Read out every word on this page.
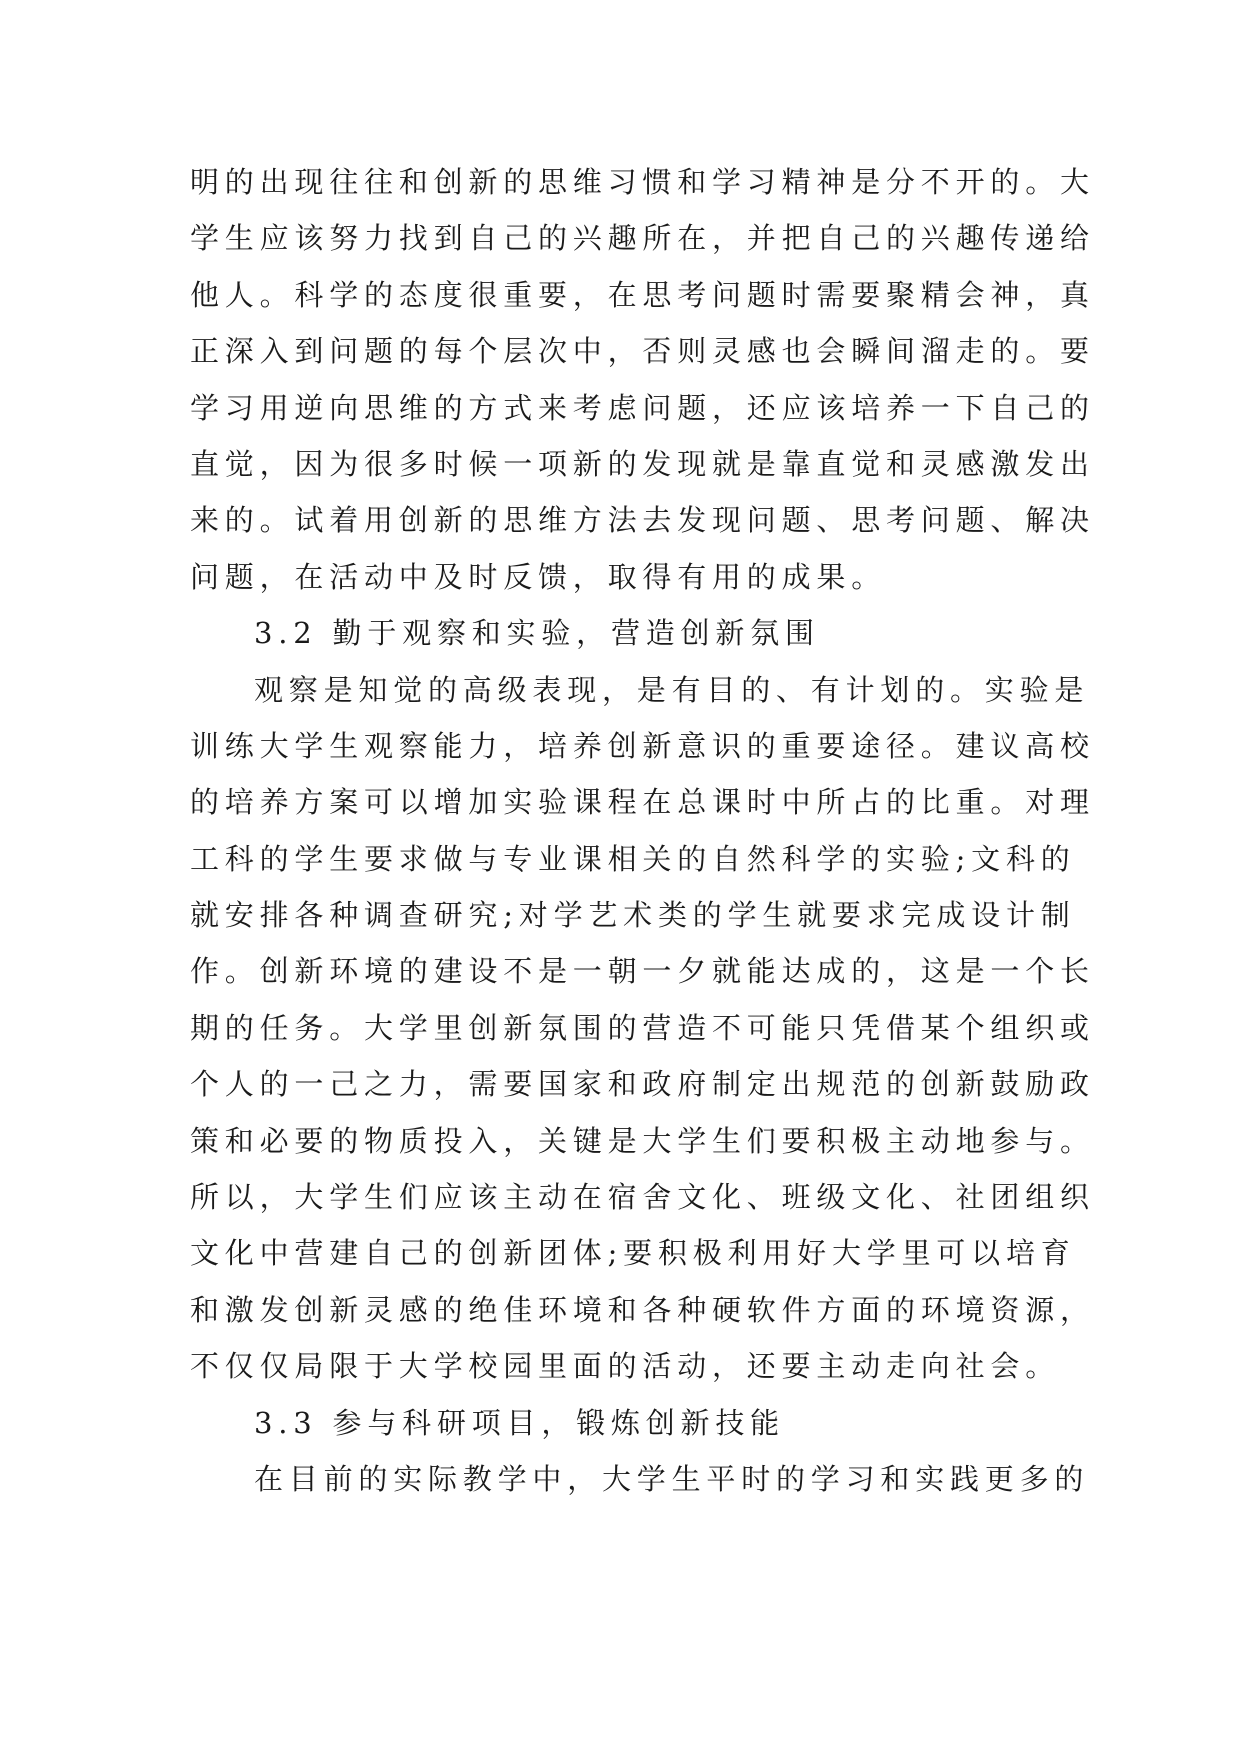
明的出现往往和创新的思维习惯和学习精神是分不开的。大
学生应该努力找到自己的兴趣所在，并把自己的兴趣传递给
他人。科学的态度很重要，在思考问题时需要聚精会神，真
正深入到问题的每个层次中，否则灵感也会瞬间溜走的。要
学习用逆向思维的方式来考虑问题，还应该培养一下自己的
直觉，因为很多时候一项新的发现就是靠直觉和灵感激发出
来的。试着用创新的思维方法去发现问题、思考问题、解决
问题，在活动中及时反馈，取得有用的成果。
3.2 勤于观察和实验，营造创新氛围
观察是知觉的高级表现，是有目的、有计划的。实验是
训练大学生观察能力，培养创新意识的重要途径。建议高校
的培养方案可以增加实验课程在总课时中所占的比重。对理
工科的学生要求做与专业课相关的自然科学的实验;文科的
就安排各种调查研究;对学艺术类的学生就要求完成设计制
作。创新环境的建设不是一朝一夕就能达成的，这是一个长
期的任务。大学里创新氛围的营造不可能只凭借某个组织或
个人的一己之力，需要国家和政府制定出规范的创新鼓励政
策和必要的物质投入，关键是大学生们要积极主动地参与。
所以，大学生们应该主动在宿舍文化、班级文化、社团组织
文化中营建自己的创新团体;要积极利用好大学里可以培育
和激发创新灵感的绝佳环境和各种硬软件方面的环境资源，
不仅仅局限于大学校园里面的活动，还要主动走向社会。
3.3 参与科研项目，锻炼创新技能
在目前的实际教学中，大学生平时的学习和实践更多的
